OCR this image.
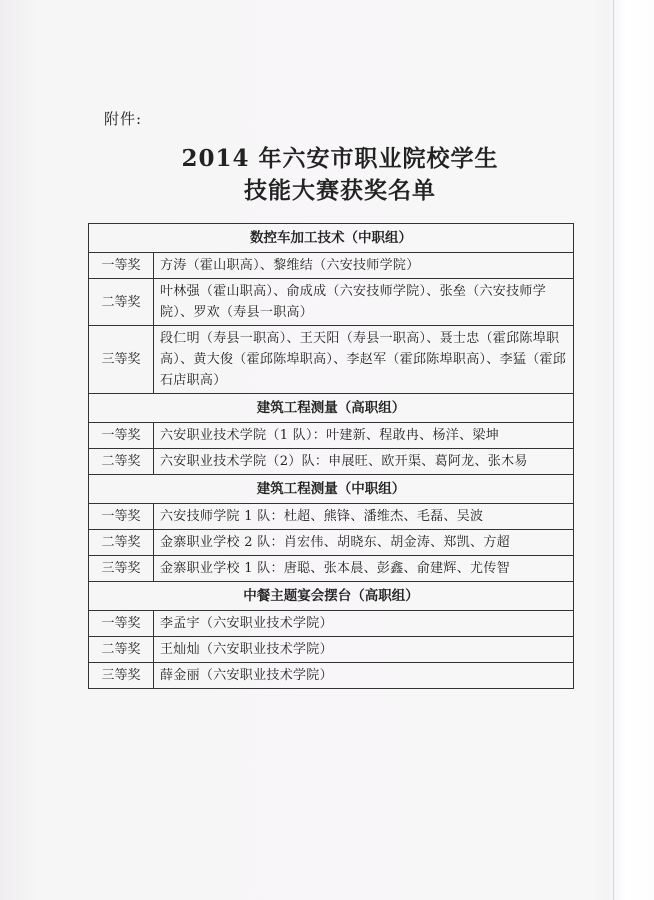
附件:
2014 年六安市职业院校学生
技能大赛获奖名单
数控车加工技术（中职组）	
一等奖	方涛（霍山职高）、黎维结（六安技师学院）
二等奖	叶林强（霍山职高）、俞成成（六安技师学院）、张垒（六安技师学院）、罗欢（寿县一职高）
三等奖	段仁明（寿县一职高）、王天阳（寿县一职高）、聂士忠（霍邱陈埠职高）、黄大俊（霍邱陈埠职高）、李赵军（霍邱陈埠职高）、李猛（霍邱石店职高）
建筑工程测量（高职组）	
一等奖	六安职业技术学院（1 队）：叶建新、程敢冉、杨洋、梁坤
二等奖	六安职业技术学院（2）队：申展旺、欧开渠、葛阿龙、张木易
建筑工程测量（中职组）	
一等奖	六安技师学院 1 队：杜超、熊锋、潘维杰、毛磊、吴波
二等奖	金寨职业学校 2 队：肖宏伟、胡晓东、胡金涛、郑凯、方超
三等奖	金寨职业学校 1 队：唐聪、张本晨、彭鑫、俞建辉、尤传智
中餐主题宴会摆台（高职组）	
一等奖	李孟宇（六安职业技术学院）
二等奖	王灿灿（六安职业技术学院）
三等奖	薛金丽（六安职业技术学院）
